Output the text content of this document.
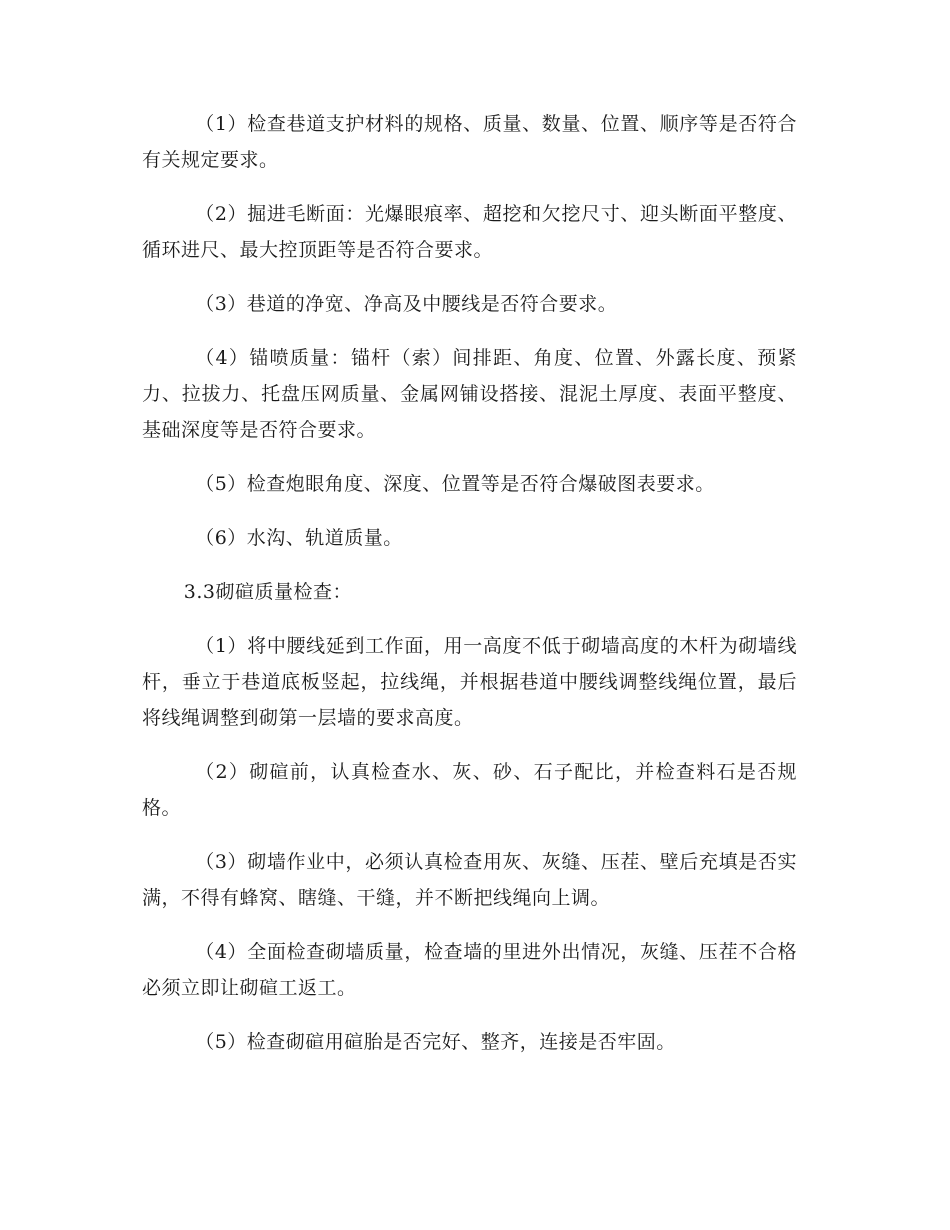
（1）检查巷道支护材料的规格、质量、数量、位置、顺序等是否符合有关规定要求。

（2）掘进毛断面：光爆眼痕率、超挖和欠挖尺寸、迎头断面平整度、循环进尺、最大控顶距等是否符合要求。

（3）巷道的净宽、净高及中腰线是否符合要求。

（4）锚喷质量：锚杆（索）间排距、角度、位置、外露长度、预紧力、拉拔力、托盘压网质量、金属网铺设搭接、混泥土厚度、表面平整度、基础深度等是否符合要求。

（5）检查炮眼角度、深度、位置等是否符合爆破图表要求。

（6）水沟、轨道质量。

3.3砌碹质量检查：

（1）将中腰线延到工作面，用一高度不低于砌墙高度的木杆为砌墙线杆，垂立于巷道底板竖起，拉线绳，并根据巷道中腰线调整线绳位置，最后将线绳调整到砌第一层墙的要求高度。

（2）砌碹前，认真检查水、灰、砂、石子配比，并检查料石是否规格。

（3）砌墙作业中，必须认真检查用灰、灰缝、压茬、壁后充填是否实满，不得有蜂窝、瞎缝、干缝，并不断把线绳向上调。

（4）全面检查砌墙质量，检查墙的里进外出情况，灰缝、压茬不合格必须立即让砌碹工返工。

（5）检查砌碹用碹胎是否完好、整齐，连接是否牢固。
